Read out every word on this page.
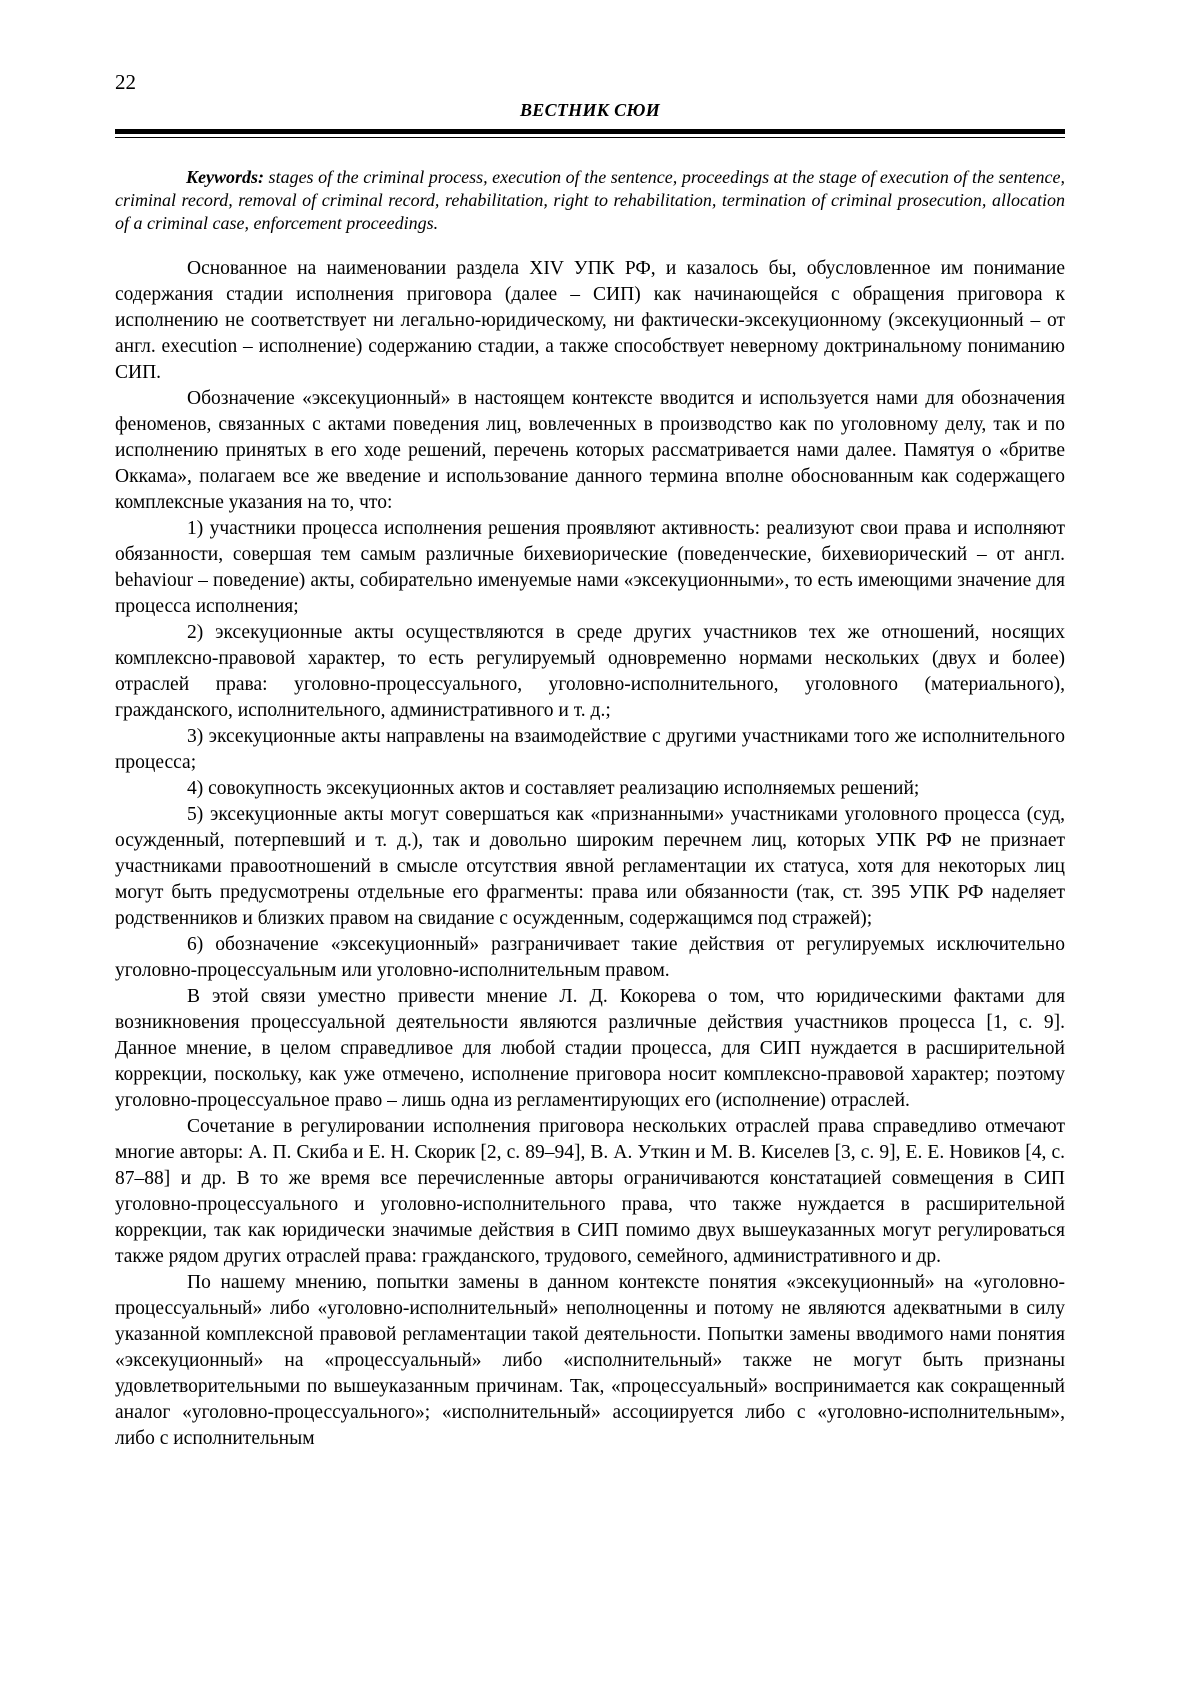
22
ВЕСТНИК СЮИ

Keywords: stages of the criminal process, execution of the sentence, proceedings at the stage of execution of the sentence, criminal record, removal of criminal record, rehabilitation, right to rehabilitation, termination of criminal prosecution, allocation of a criminal case, enforcement proceedings.

Основанное на наименовании раздела XIV УПК РФ, и казалось бы, обусловленное им понимание содержания стадии исполнения приговора (далее – СИП) как начинающейся с обращения приговора к исполнению не соответствует ни легально-юридическому, ни фактически-эксекуционному (эксекуционный – от англ. execution – исполнение) содержанию стадии, а также способствует неверному доктринальному пониманию СИП.

Обозначение «эксекуционный» в настоящем контексте вводится и используется нами для обозначения феноменов, связанных с актами поведения лиц, вовлеченных в производство как по уголовному делу, так и по исполнению принятых в его ходе решений, перечень которых рассматривается нами далее. Памятуя о «бритве Оккама», полагаем все же введение и использование данного термина вполне обоснованным как содержащего комплексные указания на то, что:

1) участники процесса исполнения решения проявляют активность: реализуют свои права и исполняют обязанности, совершая тем самым различные бихевиорические (поведенческие, бихевиорический – от англ. behaviour – поведение) акты, собирательно именуемые нами «эксекуционными», то есть имеющими значение для процесса исполнения;

2) эксекуционные акты осуществляются в среде других участников тех же отношений, носящих комплексно-правовой характер, то есть регулируемый одновременно нормами нескольких (двух и более) отраслей права: уголовно-процессуального, уголовно-исполнительного, уголовного (материального), гражданского, исполнительного, административного и т. д.;

3) эксекуционные акты направлены на взаимодействие с другими участниками того же исполнительного процесса;

4) совокупность эксекуционных актов и составляет реализацию исполняемых решений;

5) эксекуционные акты могут совершаться как «признанными» участниками уголовного процесса (суд, осужденный, потерпевший и т. д.), так и довольно широким перечнем лиц, которых УПК РФ не признает участниками правоотношений в смысле отсутствия явной регламентации их статуса, хотя для некоторых лиц могут быть предусмотрены отдельные его фрагменты: права или обязанности (так, ст. 395 УПК РФ наделяет родственников и близких правом на свидание с осужденным, содержащимся под стражей);

6) обозначение «эксекуционный» разграничивает такие действия от регулируемых исключительно уголовно-процессуальным или уголовно-исполнительным правом.

В этой связи уместно привести мнение Л. Д. Кокорева о том, что юридическими фактами для возникновения процессуальной деятельности являются различные действия участников процесса [1, с. 9]. Данное мнение, в целом справедливое для любой стадии процесса, для СИП нуждается в расширительной коррекции, поскольку, как уже отмечено, исполнение приговора носит комплексно-правовой характер; поэтому уголовно-процессуальное право – лишь одна из регламентирующих его (исполнение) отраслей.

Сочетание в регулировании исполнения приговора нескольких отраслей права справедливо отмечают многие авторы: А. П. Скиба и Е. Н. Скорик [2, с. 89–94], В. А. Уткин и М. В. Киселев [3, с. 9], Е. Е. Новиков [4, с. 87–88] и др. В то же время все перечисленные авторы ограничиваются констатацией совмещения в СИП уголовно-процессуального и уголовно-исполнительного права, что также нуждается в расширительной коррекции, так как юридически значимые действия в СИП помимо двух вышеуказанных могут регулироваться также рядом других отраслей права: гражданского, трудового, семейного, административного и др.

По нашему мнению, попытки замены в данном контексте понятия «эксекуционный» на «уголовно-процессуальный» либо «уголовно-исполнительный» неполноценны и потому не являются адекватными в силу указанной комплексной правовой регламентации такой деятельности. Попытки замены вводимого нами понятия «эксекуционный» на «процессуальный» либо «исполнительный» также не могут быть признаны удовлетворительными по вышеуказанным причинам. Так, «процессуальный» воспринимается как сокращенный аналог «уголовно-процессуального»; «исполнительный» ассоциируется либо с «уголовно-исполнительным», либо с исполнительным
